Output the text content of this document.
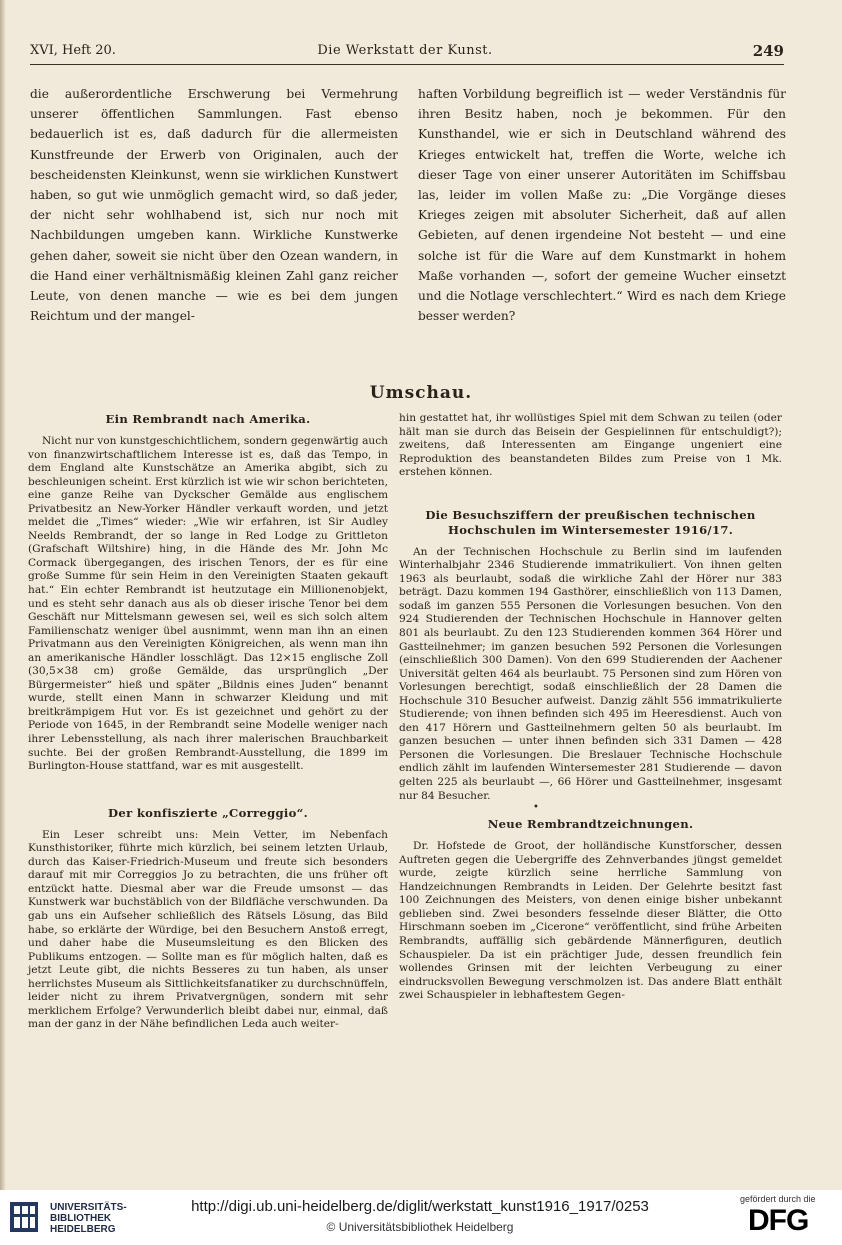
XVI, Heft 20.	Die Werkstatt der Kunst.	249
die außerordentliche Erschwerung bei Vermehrung unserer öffentlichen Sammlungen. Fast ebenso bedauerlich ist es, daß dadurch für die allermeisten Kunstfreunde der Erwerb von Originalen, auch der bescheidensten Kleinkunst, wenn sie wirklichen Kunstwert haben, so gut wie unmöglich gemacht wird, so daß jeder, der nicht sehr wohlhabend ist, sich nur noch mit Nachbildungen umgeben kann. Wirkliche Kunstwerke gehen daher, soweit sie nicht über den Ozean wandern, in die Hand einer verhältnismäßig kleinen Zahl ganz reicher Leute, von denen manche — wie es bei dem jungen Reichtum und der mangel-
haften Vorbildung begreiflich ist — weder Verständnis für ihren Besitz haben, noch je bekommen. Für den Kunsthandel, wie er sich in Deutschland während des Krieges entwickelt hat, treffen die Worte, welche ich dieser Tage von einer unserer Autoritäten im Schiffsbau las, leider im vollen Maße zu: „Die Vorgänge dieses Krieges zeigen mit absoluter Sicherheit, daß auf allen Gebieten, auf denen irgendeine Not besteht — und eine solche ist für die Ware auf dem Kunstmarkt in hohem Maße vorhanden —, sofort der gemeine Wucher einsetzt und die Notlage verschlechtert.“ Wird es nach dem Kriege besser werden?
Umschau.
Ein Rembrandt nach Amerika.

Nicht nur von kunstgeschichtlichem, sondern gegenwärtig auch von finanzwirtschaftlichem Interesse ist es, daß das Tempo, in dem England alte Kunstschätze an Amerika abgibt, sich zu beschleunigen scheint. Erst kürzlich ist wie wir schon berichteten, eine ganze Reihe van Dyckscher Gemälde aus englischem Privatbesitz an New-Yorker Händler verkauft worden, und jetzt meldet die „Times“ wieder: „Wie wir erfahren, ist Sir Audley Neelds Rembrandt, der so lange in Red Lodge zu Grittleton (Grafschaft Wiltshire) hing, in die Hände des Mr. John Mc Cormack übergegangen, des irischen Tenors, der es für eine große Summe für sein Heim in den Vereinigten Staaten gekauft hat.“ Ein echter Rembrandt ist heutzutage ein Millionenobjekt, und es steht sehr danach aus als ob dieser irische Tenor bei dem Geschäft nur Mittelsmann gewesen sei, weil es sich solch altem Familienschatz weniger übel ausnimmt, wenn man ihn an einen Privatmann aus den Vereinigten Königreichen, als wenn man ihn an amerikanische Händler losschlägt. Das 12×15 englische Zoll (30,5×38 cm) große Gemälde, das ursprünglich „Der Bürgermeister“ hieß und später „Bildnis eines Juden“ benannt wurde, stellt einen Mann in schwarzer Kleidung und mit breitkrämpigem Hut vor. Es ist gezeichnet und gehört zu der Periode von 1645, in der Rembrandt seine Modelle weniger nach ihrer Lebensstellung, als nach ihrer malerischen Brauchbarkeit suchte. Bei der großen Rembrandt-Ausstellung, die 1899 im Burlington-House stattfand, war es mit ausgestellt.

Der konfiszierte „Correggio“.

Ein Leser schreibt uns: Mein Vetter, im Nebenfach Kunsthistoriker, führte mich kürzlich, bei seinem letzten Urlaub, durch das Kaiser-Friedrich-Museum und freute sich besonders darauf mit mir Correggios Jo zu betrachten, die uns früher oft entzückt hatte. Diesmal aber war die Freude umsonst — das Kunstwerk war buchstäblich von der Bildfläche verschwunden. Da gab uns ein Aufseher schließlich des Rätsels Lösung, das Bild habe, so erklärte der Würdige, bei den Besuchern Anstoß erregt, und daher habe die Museumsleitung es den Blicken des Publikums entzogen. — Sollte man es für möglich halten, daß es jetzt Leute gibt, die nichts Besseres zu tun haben, als unser herrlichstes Museum als Sittlichkeitsfanatiker zu durchschnüffeln, leider nicht zu ihrem Privatvergnügen, sondern mit sehr merklichem Erfolge? Verwunderlich bleibt dabei nur, einmal, daß man der ganz in der Nähe befindlichen Leda auch weiter-

hin gestattet hat, ihr wollüstiges Spiel mit dem Schwan zu teilen (oder hält man sie durch das Beisein der Gespielinnen für entschuldigt?); zweitens, daß Interessenten am Eingange ungeniert eine Reproduktion des beanstandeten Bildes zum Preise von 1 Mk. erstehen können.

Die Besuchsziffern der preußischen technischen Hochschulen im Wintersemester 1916/17.

An der Technischen Hochschule zu Berlin sind im laufenden Winterhalbjahr 2346 Studierende immatrikuliert. Von ihnen gelten 1963 als beurlaubt, sodaß die wirkliche Zahl der Hörer nur 383 beträgt. Dazu kommen 194 Gasthörer, einschließlich von 113 Damen, sodaß im ganzen 555 Personen die Vorlesungen besuchen. Von den 924 Studierenden der Technischen Hochschule in Hannover gelten 801 als beurlaubt. Zu den 123 Studierenden kommen 364 Hörer und Gastteilnehmer; im ganzen besuchen 592 Personen die Vorlesungen (einschließlich 300 Damen). Von den 699 Studierenden der Aachener Universität gelten 464 als beurlaubt. 75 Personen sind zum Hören von Vorlesungen berechtigt, sodaß einschließlich der 28 Damen die Hochschule 310 Besucher aufweist. Danzig zählt 556 immatrikulierte Studierende; von ihnen befinden sich 495 im Heeresdienst. Auch von den 417 Hörern und Gastteilnehmern gelten 50 als beurlaubt. Im ganzen besuchen — unter ihnen befinden sich 331 Damen — 428 Personen die Vorlesungen. Die Breslauer Technische Hochschule endlich zählt im laufenden Wintersemester 281 Studierende — davon gelten 225 als beurlaubt —, 66 Hörer und Gastteilnehmer, insgesamt nur 84 Besucher.

•
Neue Rembrandtzeichnungen.

Dr. Hofstede de Groot, der holländische Kunstforscher, dessen Auftreten gegen die Uebergriffe des Zehnverbandes jüngst gemeldet wurde, zeigte kürzlich seine herrliche Sammlung von Handzeichnungen Rembrandts in Leiden. Der Gelehrte besitzt fast 100 Zeichnungen des Meisters, von denen einige bisher unbekannt geblieben sind. Zwei besonders fesselnde dieser Blätter, die Otto Hirschmann soeben im „Cicerone“ veröffentlicht, sind frühe Arbeiten Rembrandts, auffällig sich gebärdende Männerfiguren, deutlich Schauspieler. Da ist ein prächtiger Jude, dessen freundlich fein wollendes Grinsen mit der leichten Verbeugung zu einer eindrucksvollen Bewegung verschmolzen ist. Das andere Blatt enthält zwei Schauspieler in lebhaftestem Gegen-

UNIVERSITÄTS-
BIBLIOTHEK
HEIDELBERG
http://digi.ub.uni-heidelberg.de/diglit/werkstatt_kunst1916_1917/0253
© Universitätsbibliothek Heidelberg
gefördert durch die
DFG
